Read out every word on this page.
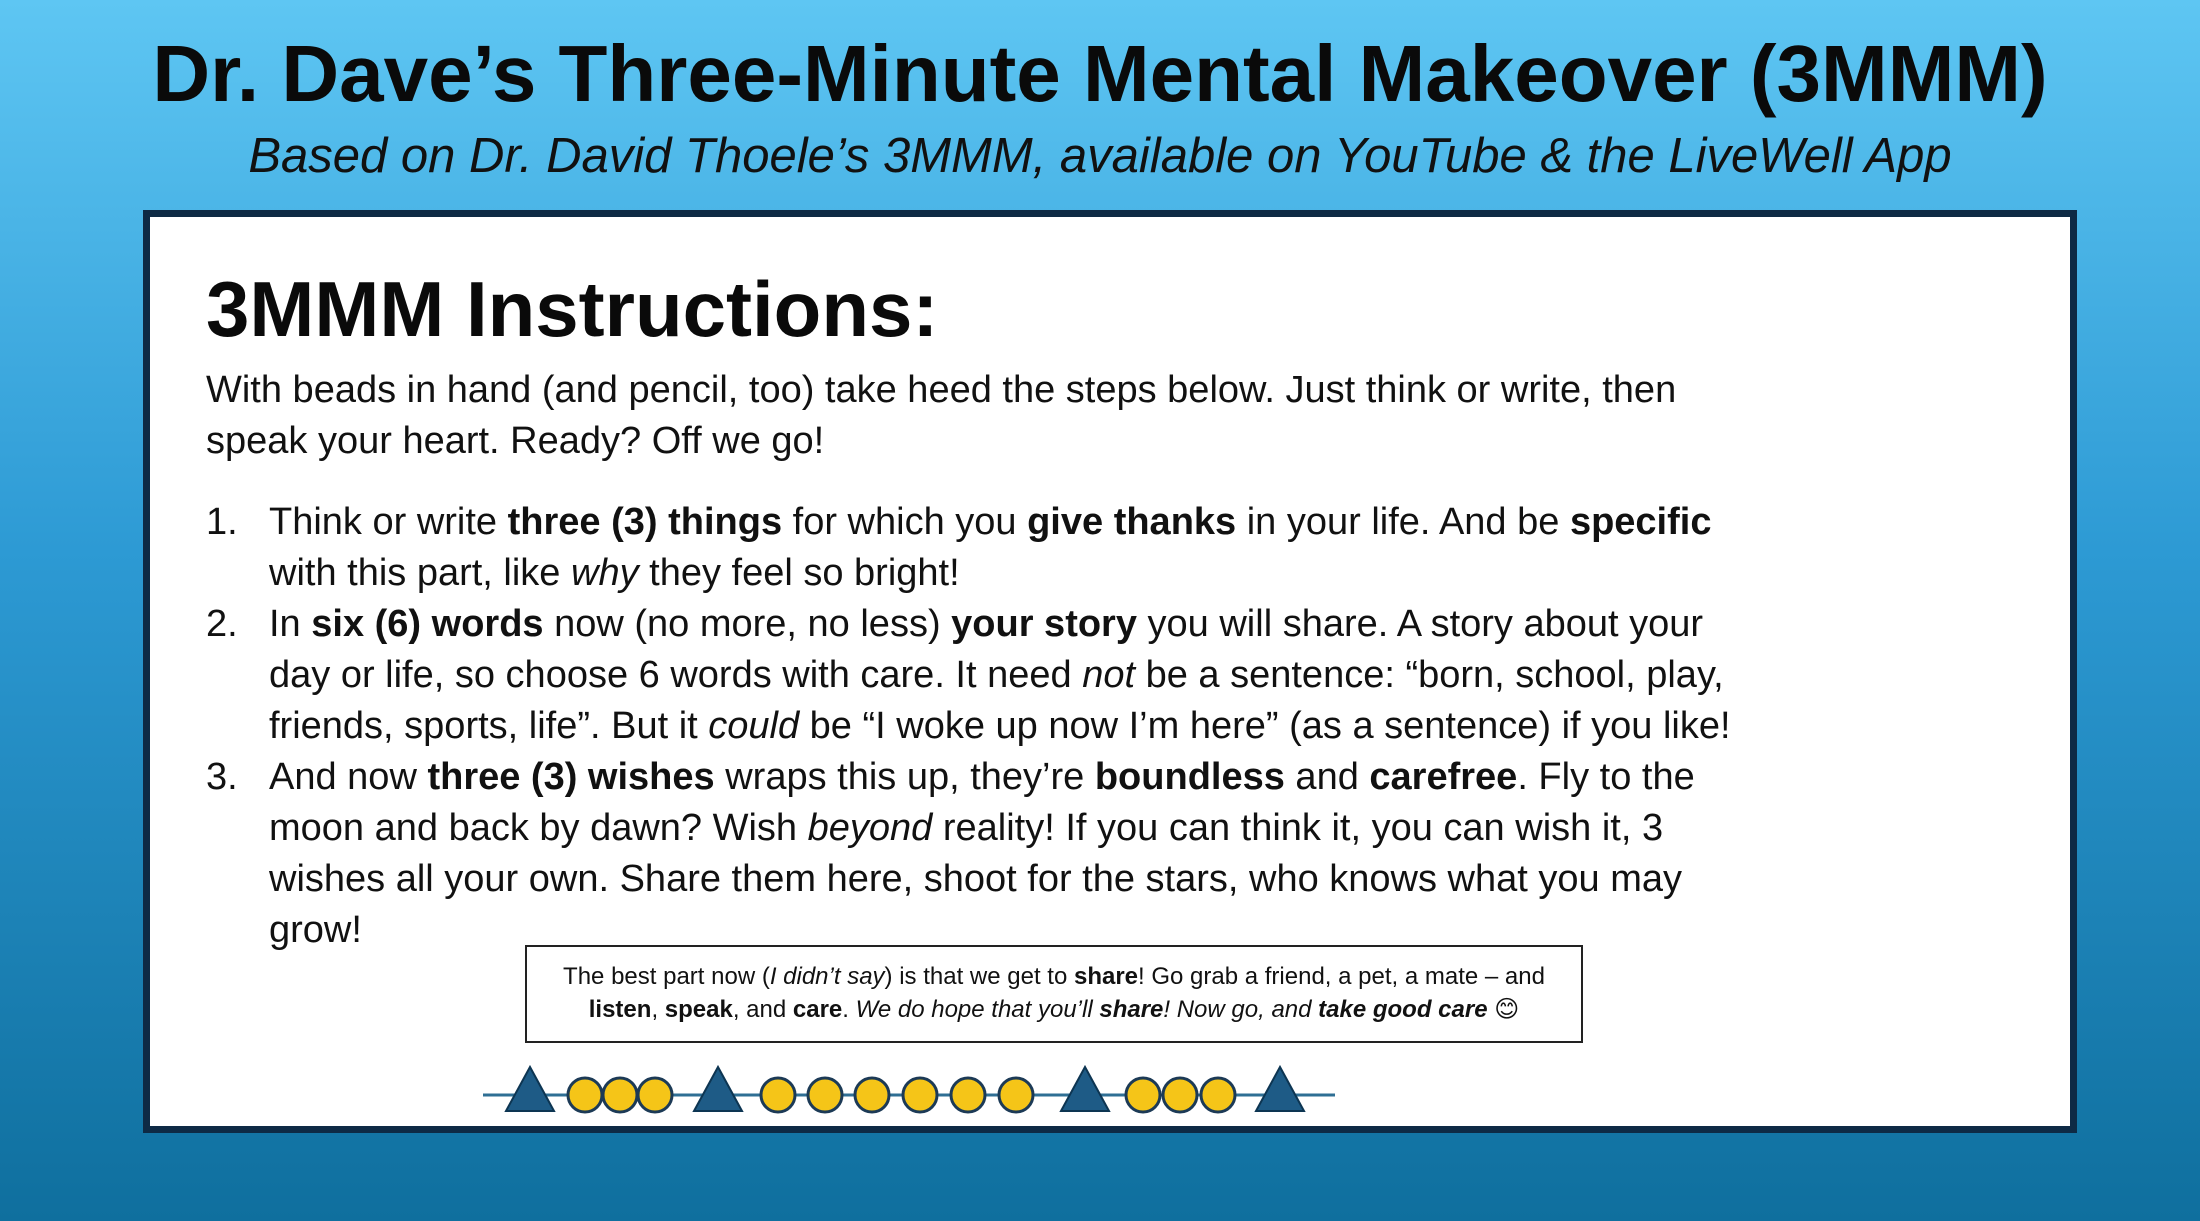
Dr. Dave’s Three-Minute Mental Makeover (3MMM)
Based on Dr. David Thoele’s 3MMM, available on YouTube & the LiveWell App
3MMM Instructions:
With beads in hand (and pencil, too) take heed the steps below. Just think or write, then
speak your heart. Ready? Off we go!
1. Think or write three (3) things for which you give thanks in your life. And be specific
with this part, like why they feel so bright!
2. In six (6) words now (no more, no less) your story you will share. A story about your
day or life, so choose 6 words with care. It need not be a sentence: “born, school, play,
friends, sports, life”. But it could be “I woke up now I’m here” (as a sentence) if you like!
3. And now three (3) wishes wraps this up, they’re boundless and carefree. Fly to the
moon and back by dawn? Wish beyond reality! If you can think it, you can wish it, 3
wishes all your own. Share them here, shoot for the stars, who knows what you may
grow!
The best part now (I didn’t say) is that we get to share! Go grab a friend, a pet, a mate – and
listen, speak, and care. We do hope that you’ll share! Now go, and take good care 😊
